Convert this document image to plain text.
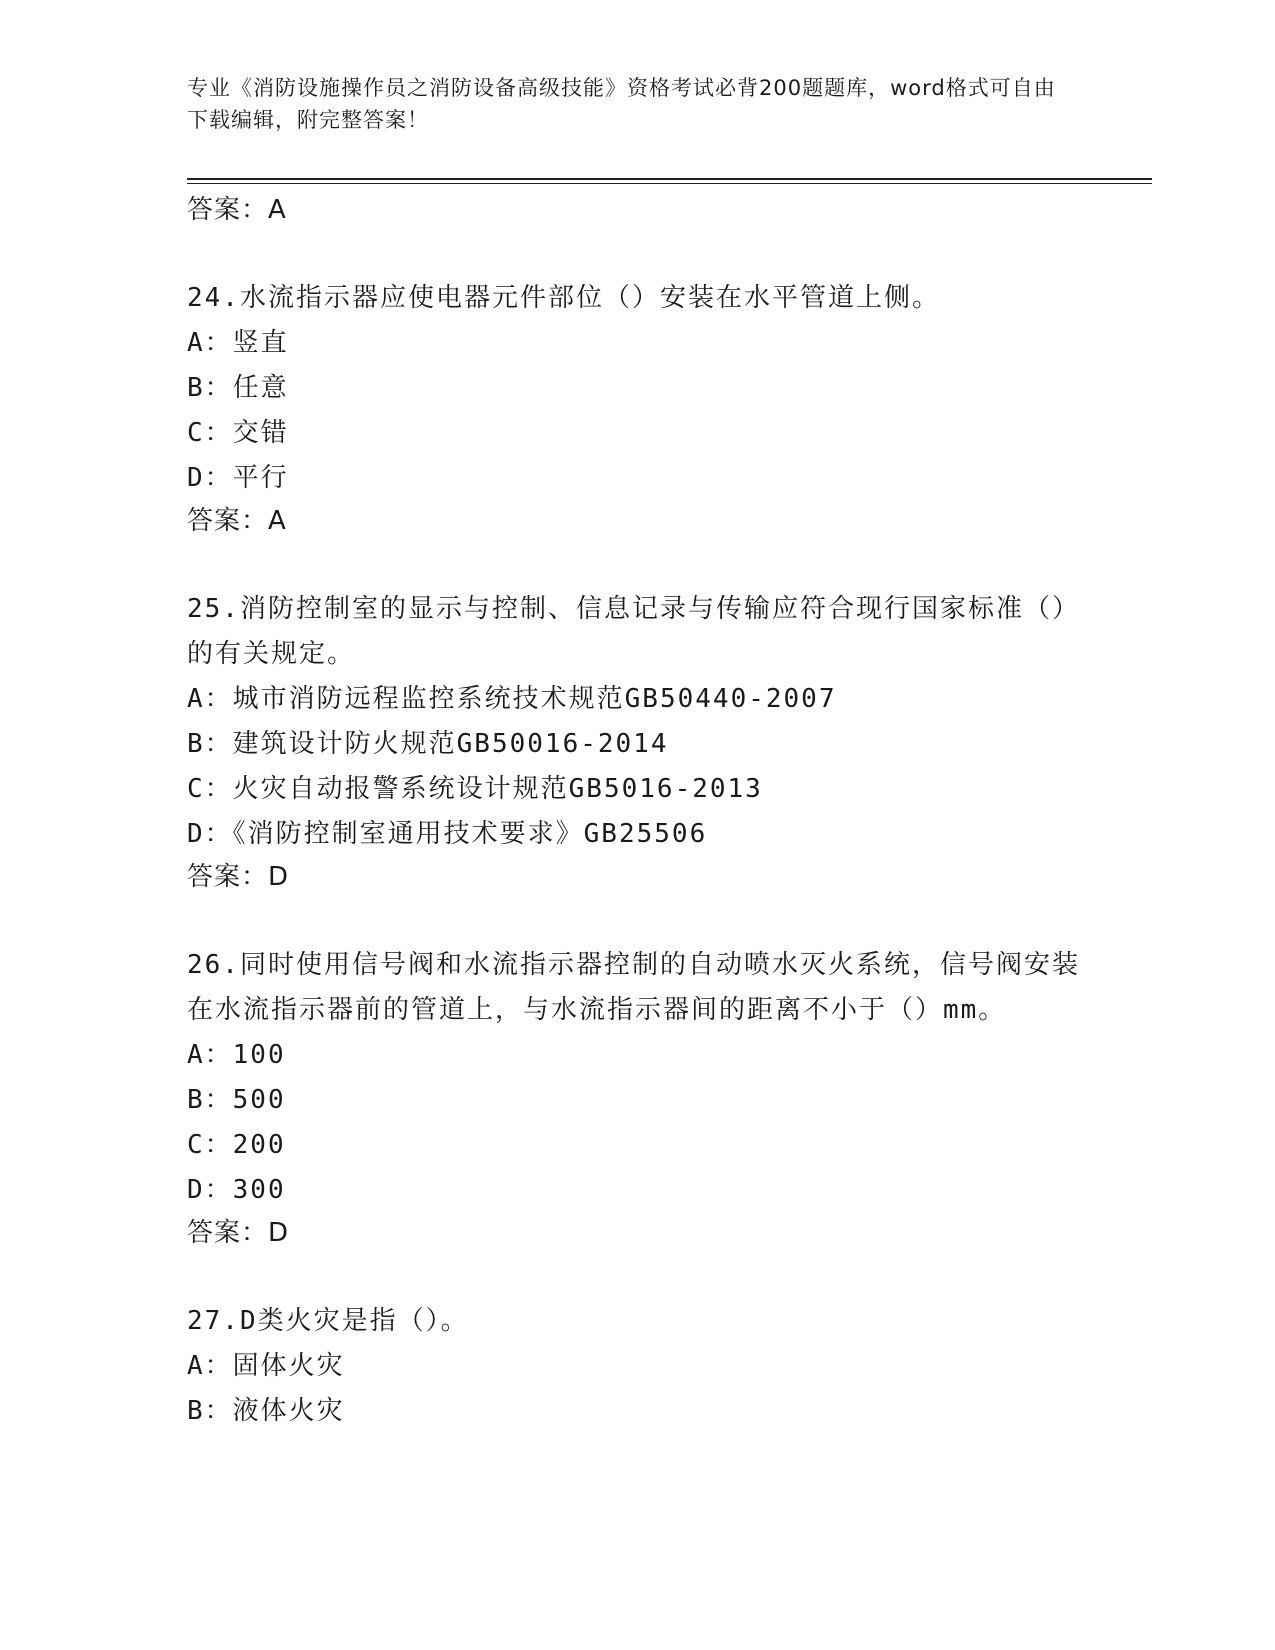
专业《消防设施操作员之消防设备高级技能》资格考试必背200题题库，word格式可自由下载编辑，附完整答案！
答案：A
24.水流指示器应使电器元件部位（）安装在水平管道上侧。
A：竖直
B：任意
C：交错
D：平行
答案：A
25.消防控制室的显示与控制、信息记录与传输应符合现行国家标准（）的有关规定。
A：城市消防远程监控系统技术规范GB50440-2007
B：建筑设计防火规范GB50016-2014
C：火灾自动报警系统设计规范GB5016-2013
D：《消防控制室通用技术要求》GB25506
答案：D
26.同时使用信号阀和水流指示器控制的自动喷水灭火系统，信号阀安装在水流指示器前的管道上，与水流指示器间的距离不小于（）mm。
A：100
B：500
C：200
D：300
答案：D
27.D类火灾是指（）。
A：固体火灾
B：液体火灾
